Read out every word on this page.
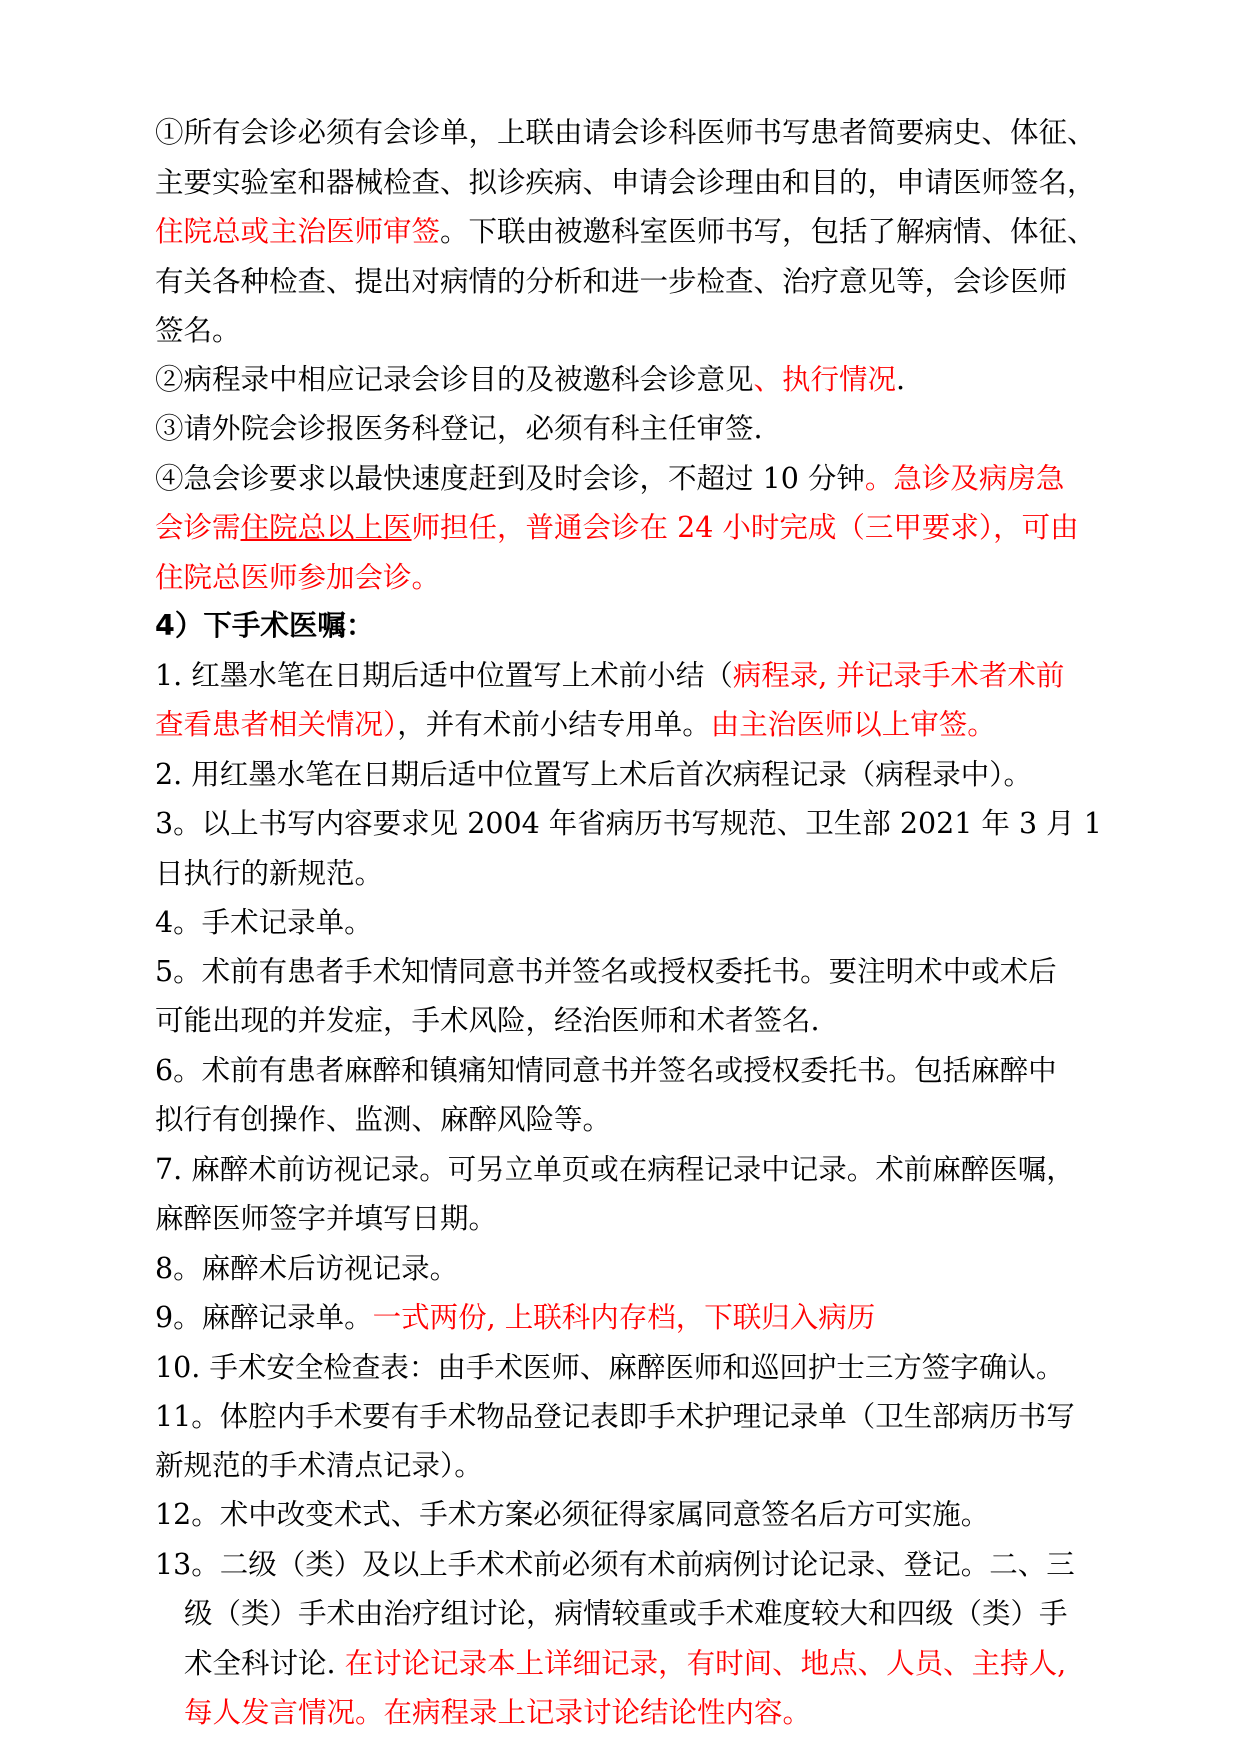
①所有会诊必须有会诊单，上联由请会诊科医师书写患者简要病史、体征、
主要实验室和器械检查、拟诊疾病、申请会诊理由和目的，申请医师签名，
住院总或主治医师审签。下联由被邀科室医师书写，包括了解病情、体征、
有关各种检查、提出对病情的分析和进一步检查、治疗意见等，会诊医师
签名。
②病程录中相应记录会诊目的及被邀科会诊意见、执行情况.
③请外院会诊报医务科登记，必须有科主任审签.
④急会诊要求以最快速度赶到及时会诊，不超过 10 分钟。急诊及病房急
会诊需住院总以上医师担任，普通会诊在 24 小时完成（三甲要求），可由
住院总医师参加会诊。
4）下手术医嘱：
1. 红墨水笔在日期后适中位置写上术前小结（病程录, 并记录手术者术前
查看患者相关情况），并有术前小结专用单。由主治医师以上审签。
2. 用红墨水笔在日期后适中位置写上术后首次病程记录（病程录中）。
3。以上书写内容要求见 2004 年省病历书写规范、卫生部 2021 年 3 月 1
日执行的新规范。
4。手术记录单。
5。术前有患者手术知情同意书并签名或授权委托书。要注明术中或术后
可能出现的并发症，手术风险，经治医师和术者签名.
6。术前有患者麻醉和镇痛知情同意书并签名或授权委托书。包括麻醉中
拟行有创操作、监测、麻醉风险等。
7. 麻醉术前访视记录。可另立单页或在病程记录中记录。术前麻醉医嘱，
麻醉医师签字并填写日期。
8。麻醉术后访视记录。
9。麻醉记录单。一式两份, 上联科内存档，下联归入病历
10. 手术安全检查表：由手术医师、麻醉医师和巡回护士三方签字确认。
11。体腔内手术要有手术物品登记表即手术护理记录单（卫生部病历书写
新规范的手术清点记录）。
12。术中改变术式、手术方案必须征得家属同意签名后方可实施。
13。二级（类）及以上手术术前必须有术前病例讨论记录、登记。二、三
级（类）手术由治疗组讨论，病情较重或手术难度较大和四级（类）手
术全科讨论. 在讨论记录本上详细记录，有时间、地点、人员、主持人,
每人发言情况。在病程录上记录讨论结论性内容。
